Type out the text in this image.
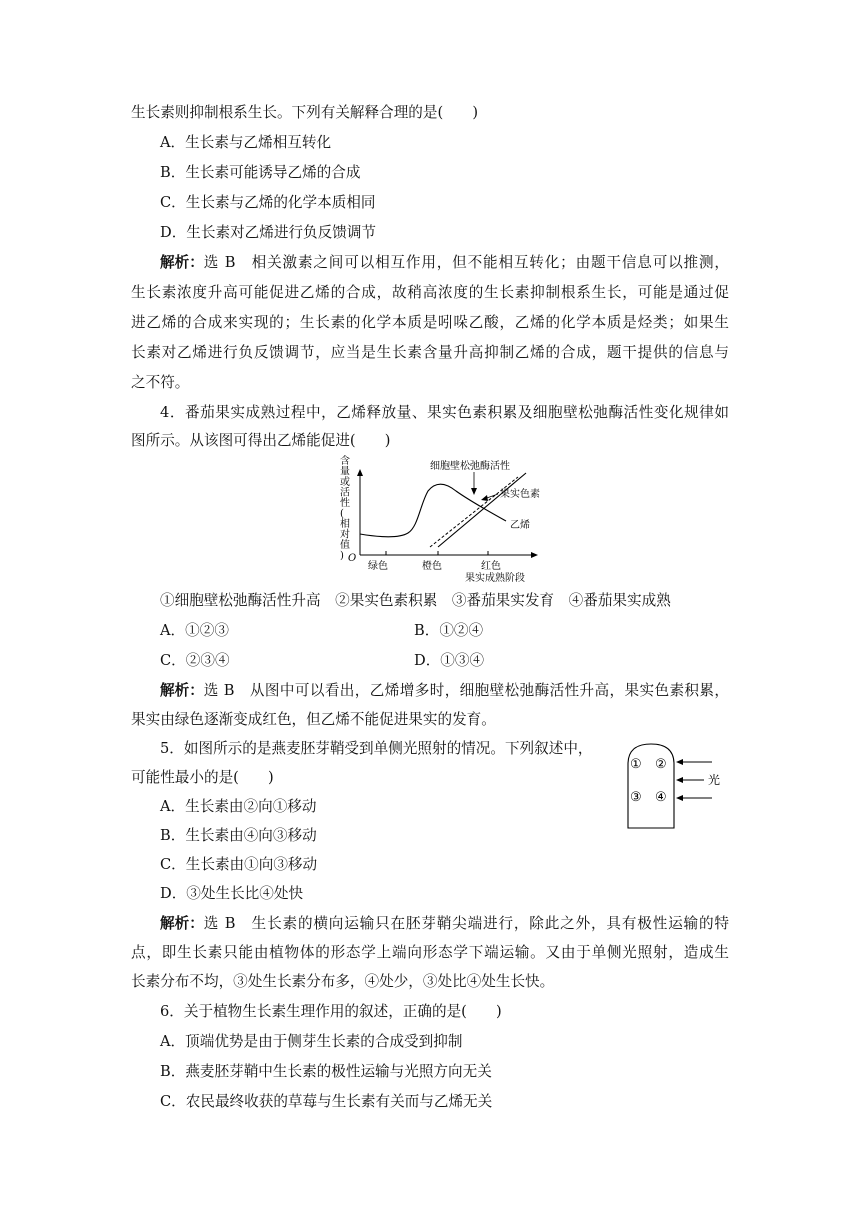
生长素则抑制根系生长。下列有关解释合理的是(　　)
A．生长素与乙烯相互转化
B．生长素可能诱导乙烯的合成
C．生长素与乙烯的化学本质相同
D．生长素对乙烯进行负反馈调节
解析： 选 B　相关激素之间可以相互作用，但不能相互转化；由题干信息可以推测，
生长素浓度升高可能促进乙烯的合成，故稍高浓度的生长素抑制根系生长，可能是通过促
进乙烯的合成来实现的；生长素的化学本质是吲哚乙酸，乙烯的化学本质是烃类；如果生
长素对乙烯进行负反馈调节，应当是生长素含量升高抑制乙烯的合成，题干提供的信息与
之不符。
4．番茄果实成熟过程中，乙烯释放量、果实色素积累及细胞壁松弛酶活性变化规律如
图所示。从该图可得出乙烯能促进(　　)
含
量
或
活
性
(
相
对
值
) O
绿色	橙色	红色
果实成熟阶段
细胞壁松弛酶活性
果实色素
乙烯
①细胞壁松弛酶活性升高　②果实色素积累　③番茄果实发育　④番茄果实成熟
A．①②③	B．①②④
C．②③④	D．①③④
解析： 选 B　从图中可以看出，乙烯增多时，细胞壁松弛酶活性升高，果实色素积累，
果实由绿色逐渐变成红色，但乙烯不能促进果实的发育。
5．如图所示的是燕麦胚芽鞘受到单侧光照射的情况。下列叙述中，
可能性最小的是(　　)
A．生长素由②向①移动
B．生长素由④向③移动
C．生长素由①向③移动
D．③处生长比④处快
① ②
③ ④
光
解析： 选 B　生长素的横向运输只在胚芽鞘尖端进行，除此之外，具有极性运输的特
点，即生长素只能由植物体的形态学上端向形态学下端运输。又由于单侧光照射，造成生
长素分布不均，③处生长素分布多，④处少，③处比④处生长快。
6．关于植物生长素生理作用的叙述，正确的是(　　)
A．顶端优势是由于侧芽生长素的合成受到抑制
B．燕麦胚芽鞘中生长素的极性运输与光照方向无关
C．农民最终收获的草莓与生长素有关而与乙烯无关
